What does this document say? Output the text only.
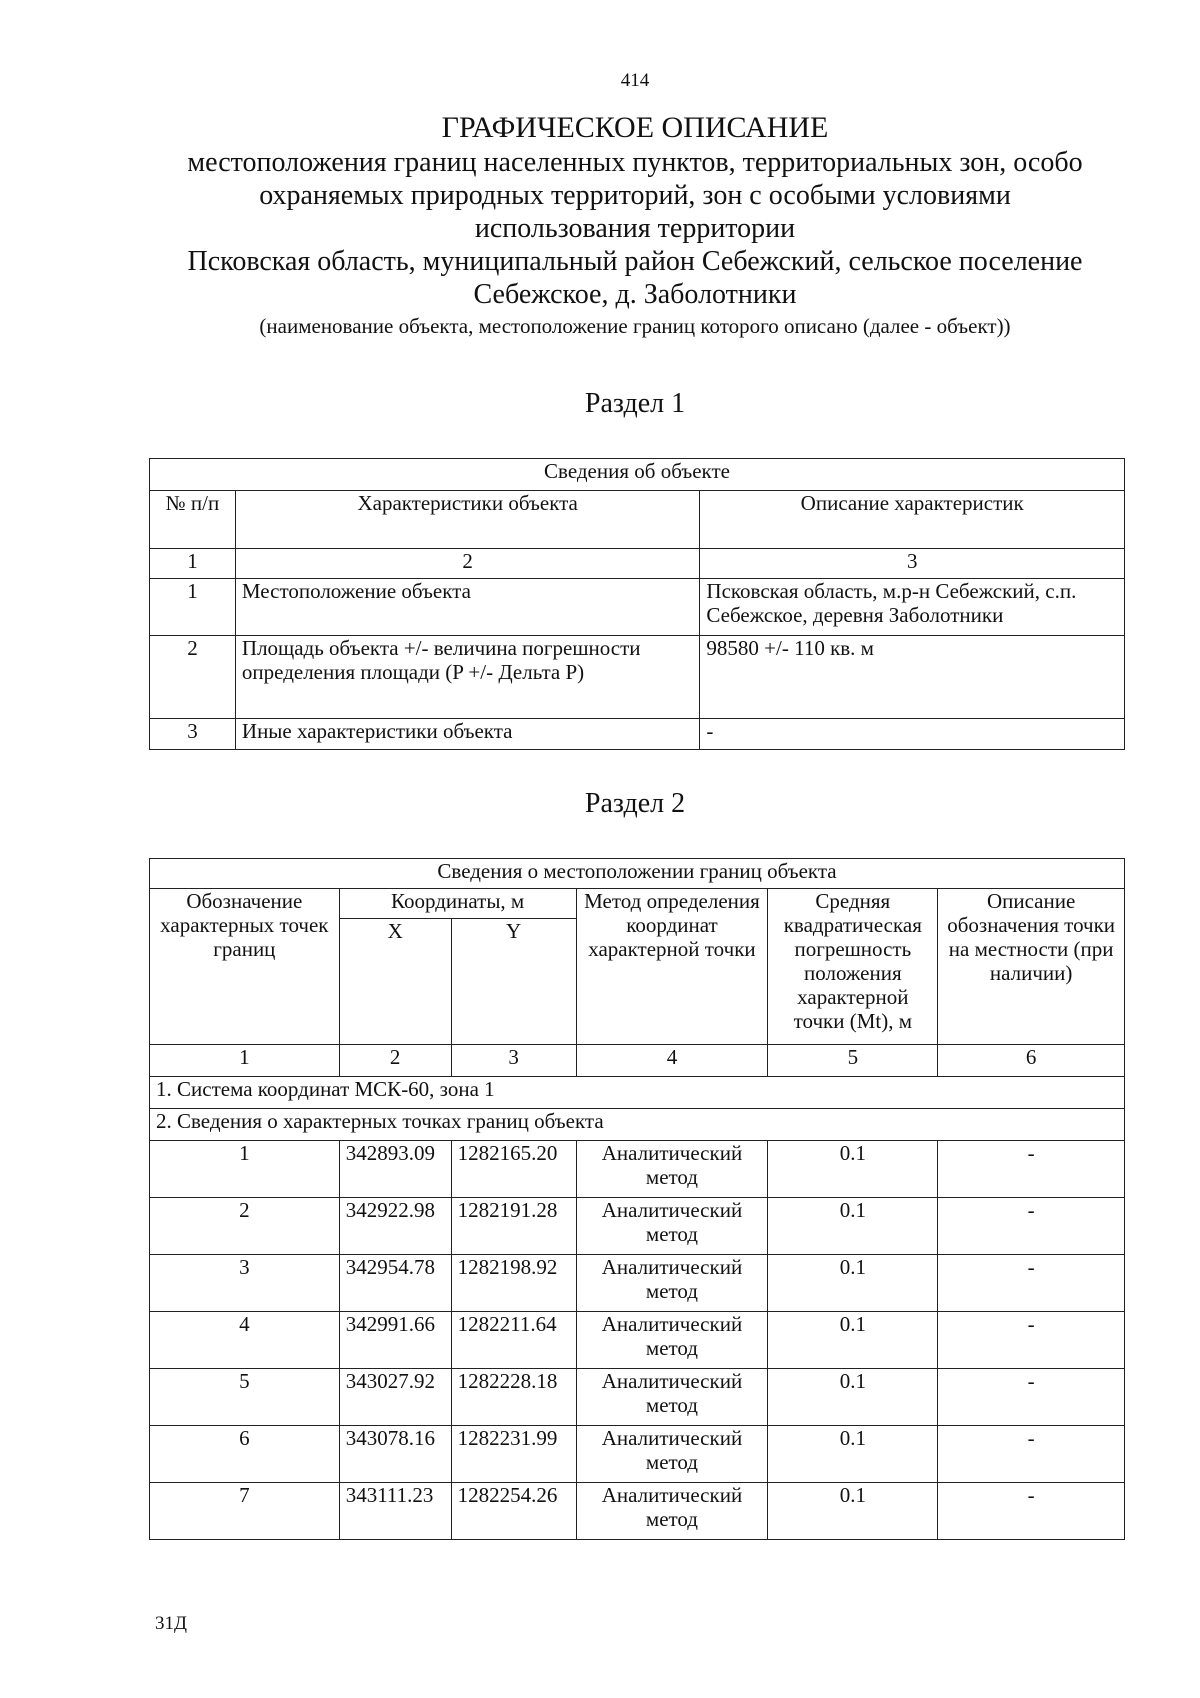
414
ГРАФИЧЕСКОЕ ОПИСАНИЕ
местоположения границ населенных пунктов, территориальных зон, особо
охраняемых природных территорий, зон с особыми условиями
использования территории
Псковская область, муниципальный район Себежский, сельское поселение
Себежское, д. Заболотники
(наименование объекта, местоположение границ которого описано (далее - объект))
Раздел 1
Сведения об объекте		
№ п/п	Характеристики объекта	Описание характеристик
1	2	3
1	Местоположение объекта	Псковская область, м.р-н Себежский, с.п. Себежское, деревня Заболотники
2	Площадь объекта +/- величина погрешности определения площади (P +/- Дельта P)	98580 +/- 110 кв. м
3	Иные характеристики объекта	-
Раздел 2
Сведения о местоположении границ объекта					
Обозначение характерных точек границ	Координаты, м		Метод определения координат характерной точки	Средняя квадратическая погрешность положения характерной точки (Mt), м	Описание обозначения точки на местности (при наличии)
	X	Y			
1	2	3	4	5	6
1. Система координат МСК-60, зона 1					
2. Сведения о характерных точках границ объекта					
1	342893.09	1282165.20	Аналитический метод	0.1	-
2	342922.98	1282191.28	Аналитический метод	0.1	-
3	342954.78	1282198.92	Аналитический метод	0.1	-
4	342991.66	1282211.64	Аналитический метод	0.1	-
5	343027.92	1282228.18	Аналитический метод	0.1	-
6	343078.16	1282231.99	Аналитический метод	0.1	-
7	343111.23	1282254.26	Аналитический метод	0.1	-
31Д
